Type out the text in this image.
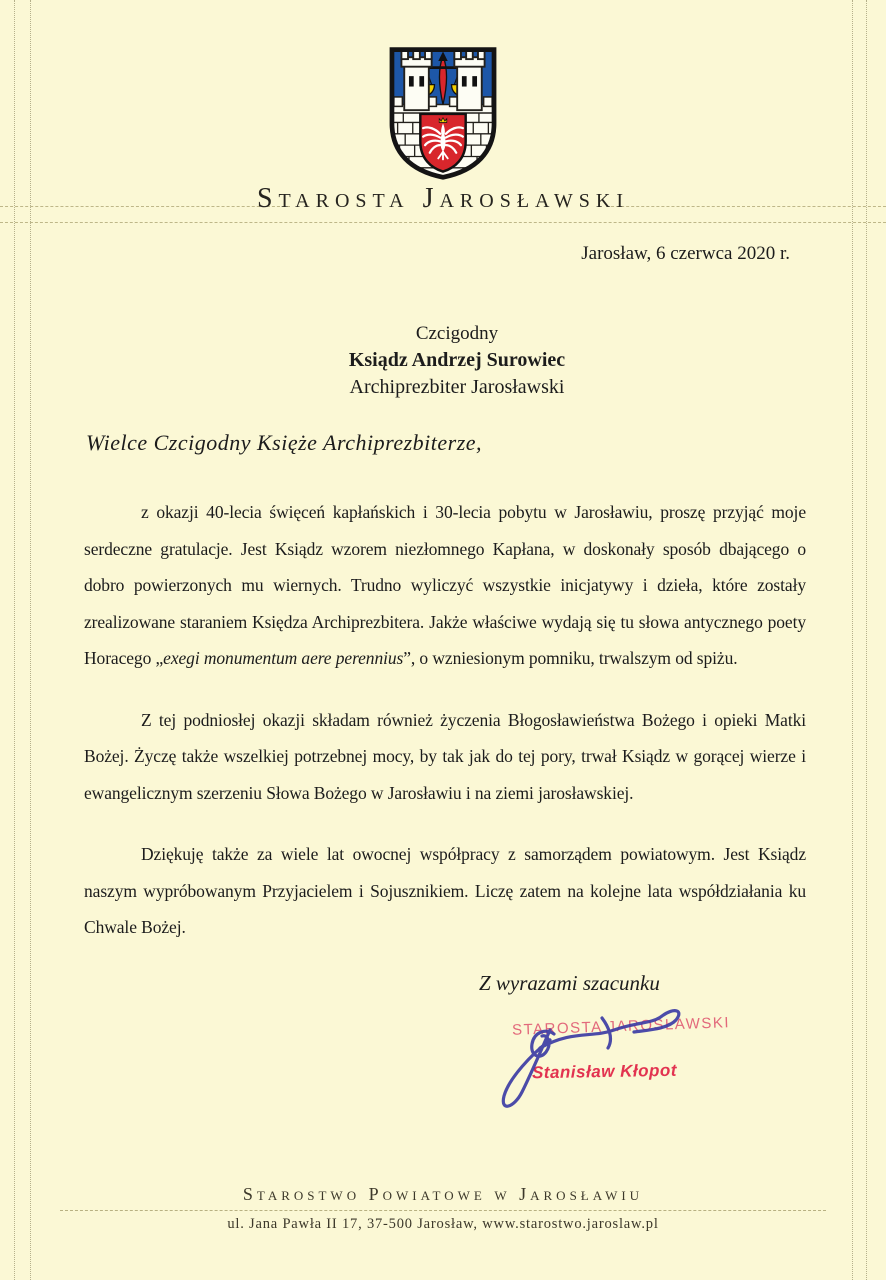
Starosta Jarosławski
Jarosław, 6 czerwca 2020 r.
Czcigodny
Ksiądz Andrzej Surowiec
Archiprezbiter Jarosławski
Wielce Czcigodny Księże Archiprezbiterze,

z okazji 40-lecia święceń kapłańskich i 30-lecia pobytu w Jarosławiu, proszę przyjąć moje serdeczne gratulacje. Jest Ksiądz wzorem niezłomnego Kapłana, w doskonały sposób dbającego o dobro powierzonych mu wiernych. Trudno wyliczyć wszystkie inicjatywy i dzieła, które zostały zrealizowane staraniem Księdza Archiprezbitera. Jakże właściwe wydają się tu słowa antycznego poety Horacego „exegi monumentum aere perennius”, o wzniesionym pomniku, trwalszym od spiżu.

Z tej podniosłej okazji składam również życzenia Błogosławieństwa Bożego i opieki Matki Bożej. Życzę także wszelkiej potrzebnej mocy, by tak jak do tej pory, trwał Ksiądz w gorącej wierze i ewangelicznym szerzeniu Słowa Bożego w Jarosławiu i na ziemi jarosławskiej.

Dziękuję także za wiele lat owocnej współpracy z samorządem powiatowym. Jest Ksiądz naszym wypróbowanym Przyjacielem i Sojusznikiem. Liczę zatem na kolejne lata współdziałania ku Chwale Bożej.

Z wyrazami szacunku
STAROSTA JAROSŁAWSKI
Stanisław Kłopot
Starostwo Powiatowe w Jarosławiu
ul. Jana Pawła II 17, 37-500 Jarosław, www.starostwo.jaroslaw.pl
